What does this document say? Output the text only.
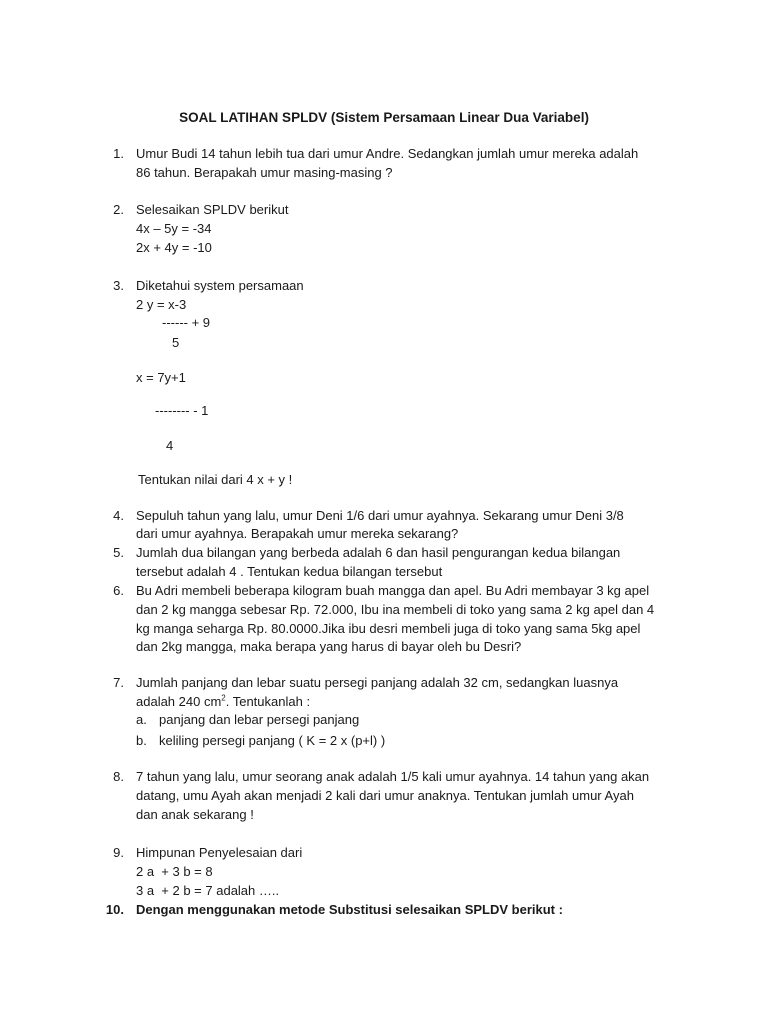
SOAL LATIHAN SPLDV (Sistem Persamaan Linear Dua Variabel)
1. Umur Budi 14 tahun lebih tua dari umur Andre. Sedangkan jumlah umur mereka adalah
86 tahun. Berapakah umur masing-masing ?
2. Selesaikan SPLDV berikut
4x – 5y = -34
2x + 4y = -10
3. Diketahui system persamaan
2 y = x-3
------ + 9
5
x = 7y+1
-------- - 1
4
Tentukan nilai dari 4 x + y !
4. Sepuluh tahun yang lalu, umur Deni 1/6 dari umur ayahnya. Sekarang umur Deni 3/8
dari umur ayahnya. Berapakah umur mereka sekarang?
5. Jumlah dua bilangan yang berbeda adalah 6 dan hasil pengurangan kedua bilangan
tersebut adalah 4 . Tentukan kedua bilangan tersebut
6. Bu Adri membeli beberapa kilogram buah mangga dan apel. Bu Adri membayar 3 kg apel
dan 2 kg mangga sebesar Rp. 72.000, Ibu ina membeli di toko yang sama 2 kg apel dan 4
kg manga seharga Rp. 80.0000.Jika ibu desri membeli juga di toko yang sama 5kg apel
dan 2kg mangga, maka berapa yang harus di bayar oleh bu Desri?
7. Jumlah panjang dan lebar suatu persegi panjang adalah 32 cm, sedangkan luasnya
adalah 240 $cm^2$. Tentukanlah :
a. panjang dan lebar persegi panjang
b. keliling persegi panjang ( K = 2 x (p+l) )
8. 7 tahun yang lalu, umur seorang anak adalah 1/5 kali umur ayahnya. 14 tahun yang akan
datang, umu Ayah akan menjadi 2 kali dari umur anaknya. Tentukan jumlah umur Ayah
dan anak sekarang !
9. Himpunan Penyelesaian dari
2 a  + 3 b = 8
3 a  + 2 b = 7 adalah …..
10. Dengan menggunakan metode Substitusi selesaikan SPLDV berikut :
